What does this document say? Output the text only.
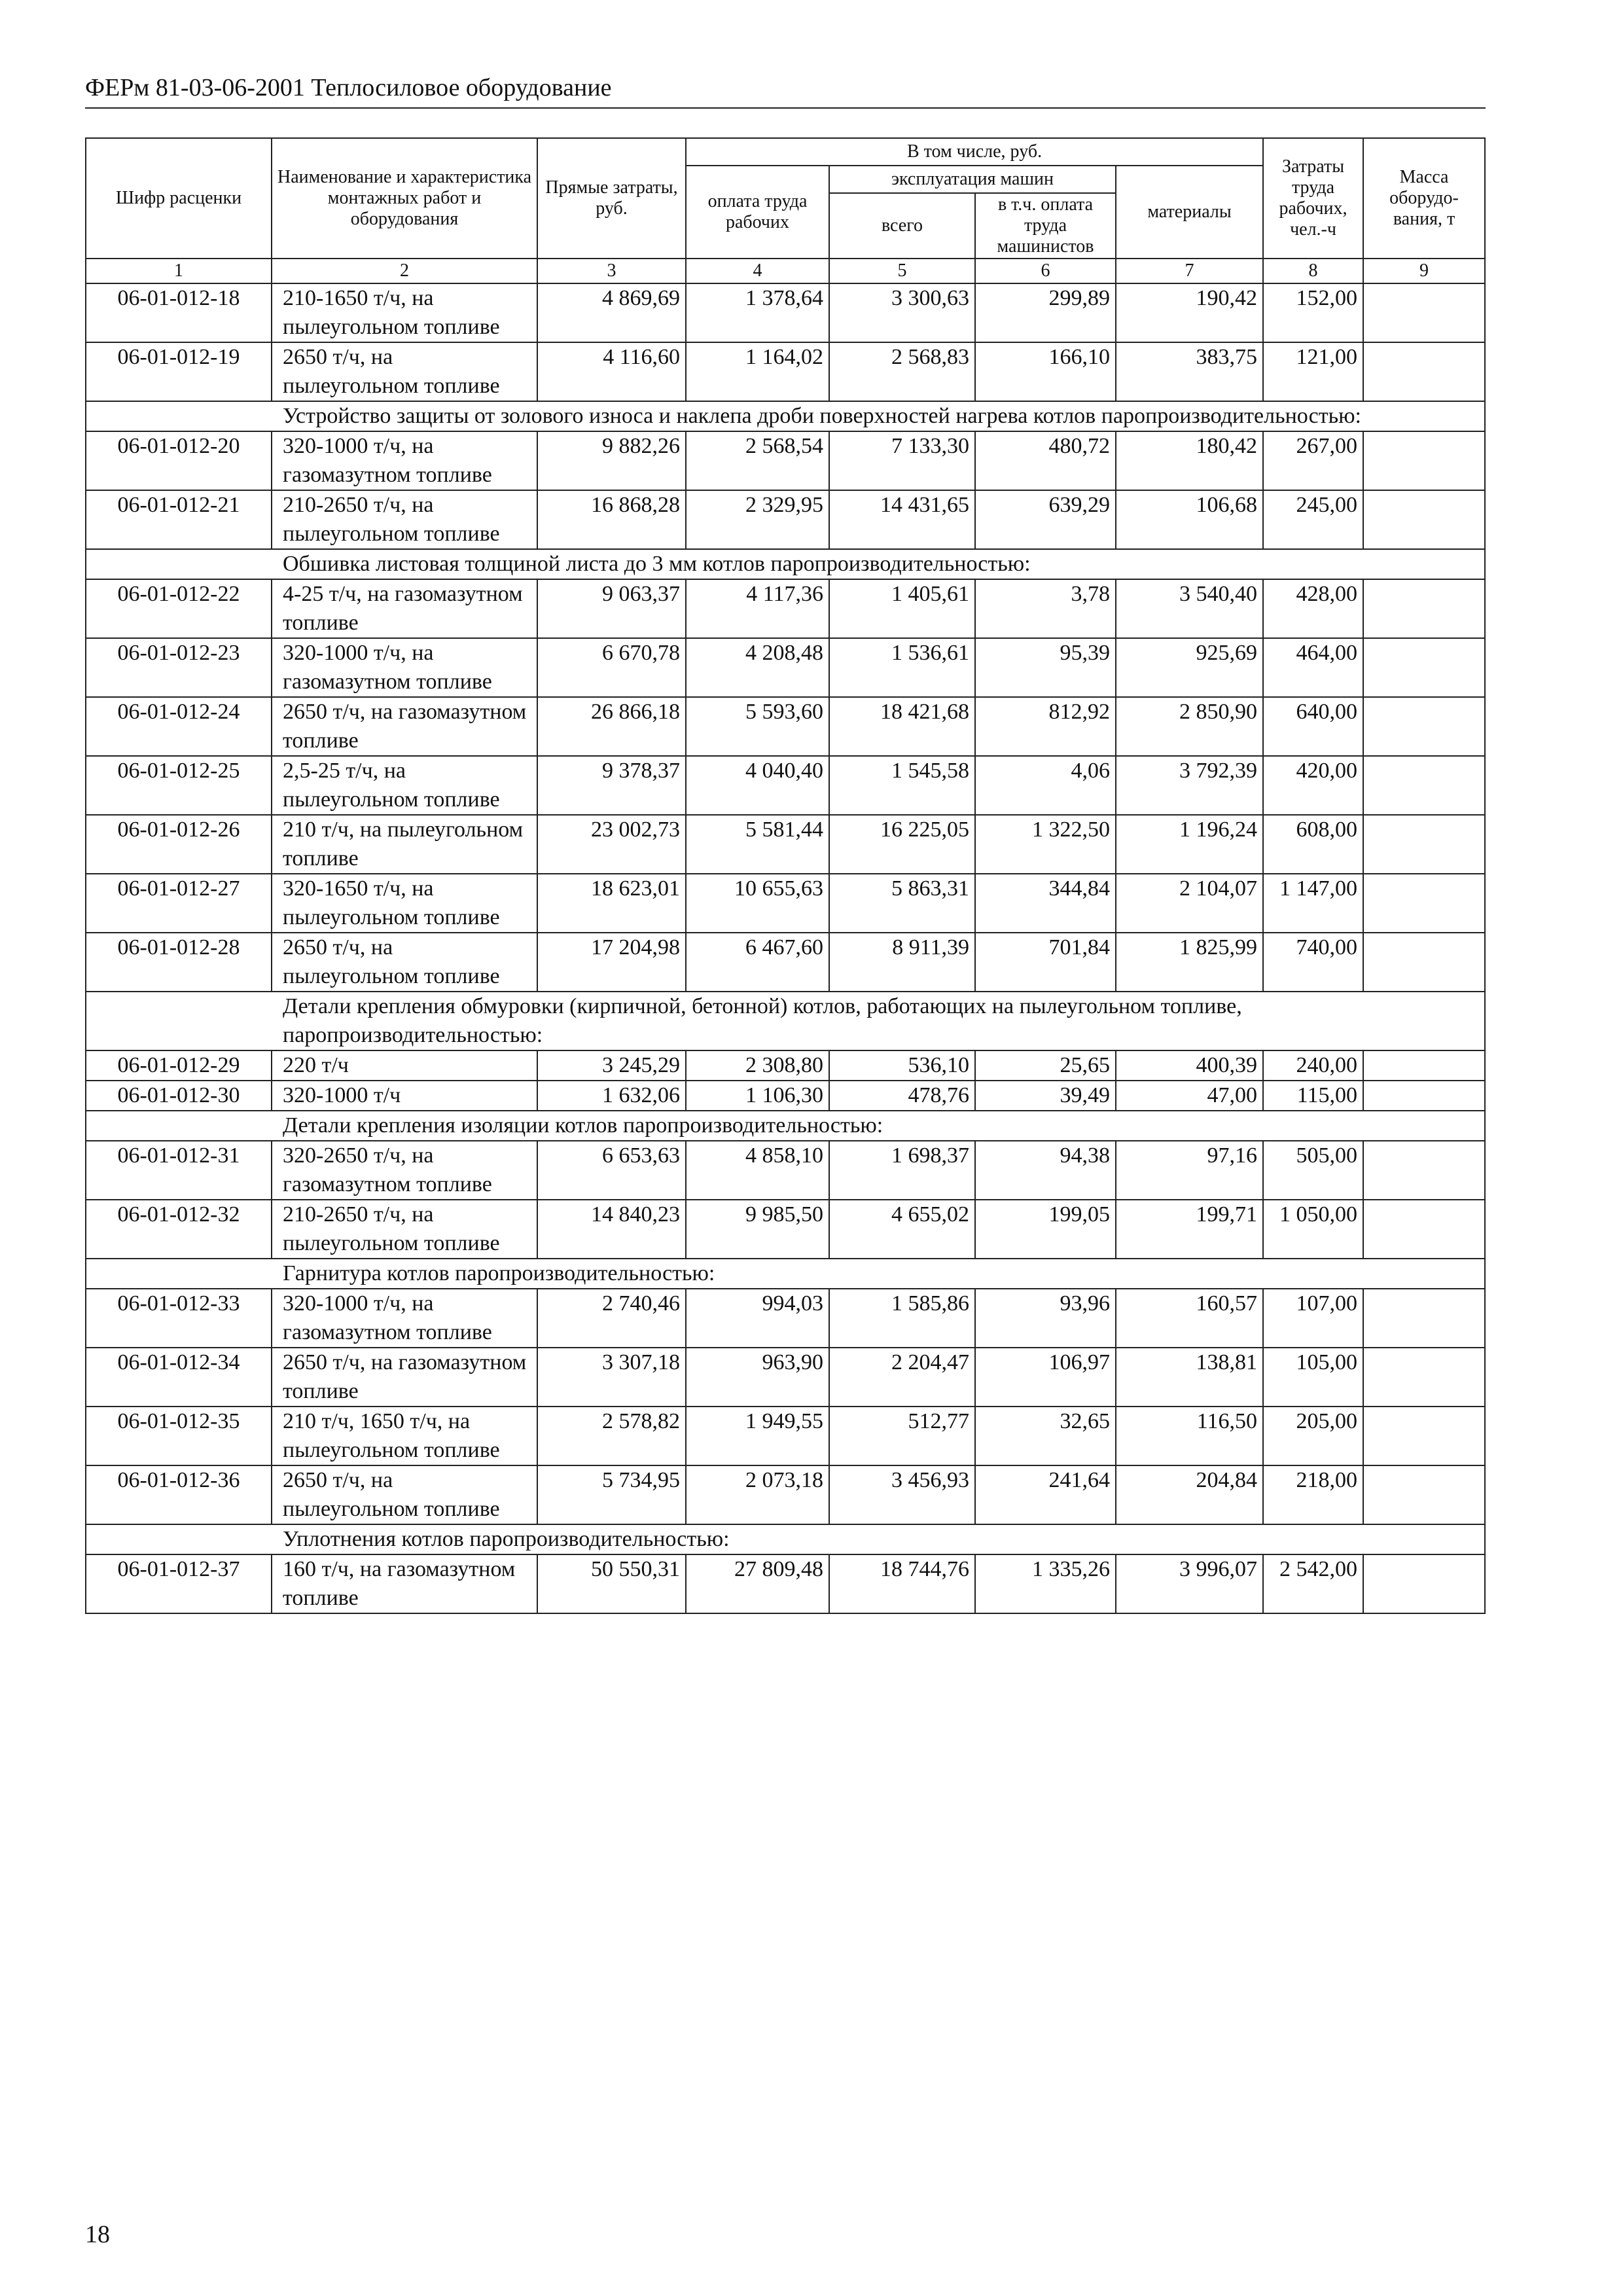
ФЕРм 81-03-06-2001 Теплосиловое оборудование
Шифр расценки	Наименование и характеристика монтажных работ и оборудования	Прямые затраты, руб.	В том числе, руб.				Затраты труда рабочих, чел.-ч	Масса оборудо-вания, т
			оплата труда рабочих	эксплуатация машин		материалы		
				всего	в т.ч. оплата труда машинистов			
1	2	3	4	5	6	7	8	9
06-01-012-18	210-1650 т/ч, на пылеугольном топливе	4 869,69	1 378,64	3 300,63	299,89	190,42	152,00	
06-01-012-19	2650 т/ч, на пылеугольном топливе	4 116,60	1 164,02	2 568,83	166,10	383,75	121,00	
Устройство защиты от золового износа и наклепа дроби поверхностей нагрева котлов паропроизводительностью:								
06-01-012-20	320-1000 т/ч, на газомазутном топливе	9 882,26	2 568,54	7 133,30	480,72	180,42	267,00	
06-01-012-21	210-2650 т/ч, на пылеугольном топливе	16 868,28	2 329,95	14 431,65	639,29	106,68	245,00	
Обшивка листовая толщиной листа до 3 мм котлов паропроизводительностью:								
06-01-012-22	4-25 т/ч, на газомазутном топливе	9 063,37	4 117,36	1 405,61	3,78	3 540,40	428,00	
06-01-012-23	320-1000 т/ч, на газомазутном топливе	6 670,78	4 208,48	1 536,61	95,39	925,69	464,00	
06-01-012-24	2650 т/ч, на газомазутном топливе	26 866,18	5 593,60	18 421,68	812,92	2 850,90	640,00	
06-01-012-25	2,5-25 т/ч, на пылеугольном топливе	9 378,37	4 040,40	1 545,58	4,06	3 792,39	420,00	
06-01-012-26	210 т/ч, на пылеугольном топливе	23 002,73	5 581,44	16 225,05	1 322,50	1 196,24	608,00	
06-01-012-27	320-1650 т/ч, на пылеугольном топливе	18 623,01	10 655,63	5 863,31	344,84	2 104,07	1 147,00	
06-01-012-28	2650 т/ч, на пылеугольном топливе	17 204,98	6 467,60	8 911,39	701,84	1 825,99	740,00	
Детали крепления обмуровки (кирпичной, бетонной) котлов, работающих на пылеугольном топливе, паропроизводительностью:								
06-01-012-29	220 т/ч	3 245,29	2 308,80	536,10	25,65	400,39	240,00	
06-01-012-30	320-1000 т/ч	1 632,06	1 106,30	478,76	39,49	47,00	115,00	
Детали крепления изоляции котлов паропроизводительностью:								
06-01-012-31	320-2650 т/ч, на газомазутном топливе	6 653,63	4 858,10	1 698,37	94,38	97,16	505,00	
06-01-012-32	210-2650 т/ч, на пылеугольном топливе	14 840,23	9 985,50	4 655,02	199,05	199,71	1 050,00	
Гарнитура котлов паропроизводительностью:								
06-01-012-33	320-1000 т/ч, на газомазутном топливе	2 740,46	994,03	1 585,86	93,96	160,57	107,00	
06-01-012-34	2650 т/ч, на газомазутном топливе	3 307,18	963,90	2 204,47	106,97	138,81	105,00	
06-01-012-35	210 т/ч, 1650 т/ч, на пылеугольном топливе	2 578,82	1 949,55	512,77	32,65	116,50	205,00	
06-01-012-36	2650 т/ч, на пылеугольном топливе	5 734,95	2 073,18	3 456,93	241,64	204,84	218,00	
Уплотнения котлов паропроизводительностью:								
06-01-012-37	160 т/ч, на газомазутном топливе	50 550,31	27 809,48	18 744,76	1 335,26	3 996,07	2 542,00	
18
